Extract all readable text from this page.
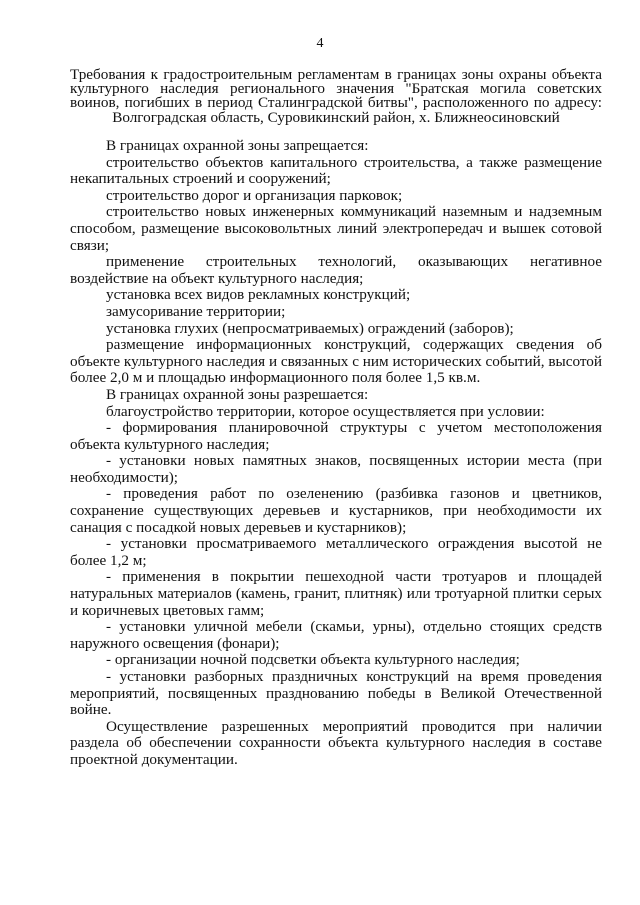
4
Требования к градостроительным регламентам в границах зоны охраны объекта культурного наследия регионального значения "Братская могила советских воинов, погибших в период Сталинградской битвы", расположенного по адресу: Волгоградская область, Суровикинский район, х. Ближнеосиновский

В границах охранной зоны запрещается:

строительство объектов капитального строительства, а также размещение некапитальных строений и сооружений;

строительство дорог и организация парковок;

строительство новых инженерных коммуникаций наземным и надземным способом, размещение высоковольтных линий электропередач и вышек сотовой связи;

применение строительных технологий, оказывающих негативное воздействие на объект культурного наследия;

установка всех видов рекламных конструкций;

замусоривание территории;

установка глухих (непросматриваемых) ограждений (заборов);

размещение информационных конструкций, содержащих сведения об объекте культурного наследия и связанных с ним исторических событий, высотой более 2,0 м и площадью информационного поля более 1,5 кв.м.

В границах охранной зоны разрешается:

благоустройство территории, которое осуществляется при условии:

- формирования планировочной структуры с учетом местоположения объекта культурного наследия;

- установки новых памятных знаков, посвященных истории места (при необходимости);

- проведения работ по озеленению (разбивка газонов и цветников, сохранение существующих деревьев и кустарников, при необходимости их санация с посадкой новых деревьев и кустарников);

- установки просматриваемого металлического ограждения высотой не более 1,2 м;

- применения в покрытии пешеходной части тротуаров и площадей натуральных материалов (камень, гранит, плитняк) или тротуарной плитки серых и коричневых цветовых гамм;

- установки уличной мебели (скамьи, урны), отдельно стоящих средств наружного освещения (фонари);

- организации ночной подсветки объекта культурного наследия;

- установки разборных праздничных конструкций на время проведения мероприятий, посвященных празднованию победы в Великой Отечественной войне.

Осуществление разрешенных мероприятий проводится при наличии раздела об обеспечении сохранности объекта культурного наследия в составе проектной документации.
